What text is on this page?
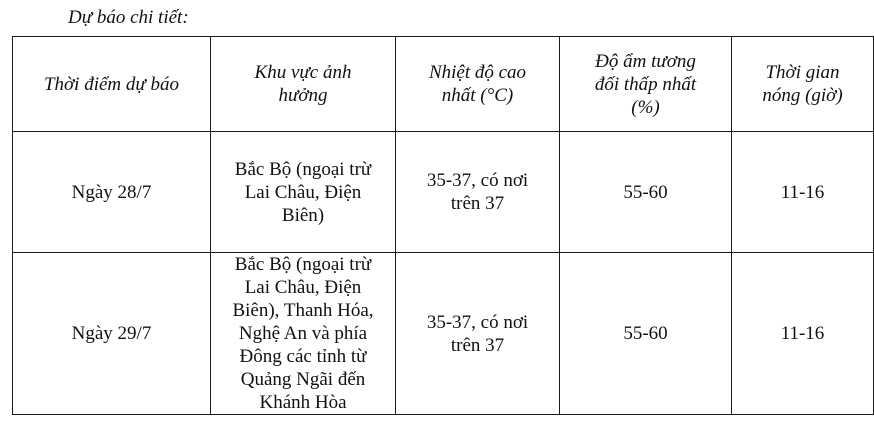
Dự báo chi tiết:
Thời điểm dự báo	Khu vực ảnh hưởng	Nhiệt độ cao nhất (°C)	Độ ẩm tương đối thấp nhất (%)	Thời gian nóng (giờ)
Ngày 28/7	Bắc Bộ (ngoại trừ Lai Châu, Điện Biên)	35-37, có nơi trên 37	55-60	11-16
Ngày 29/7	Bắc Bộ (ngoại trừ Lai Châu, Điện Biên), Thanh Hóa, Nghệ An và phía Đông các tỉnh từ Quảng Ngãi đến Khánh Hòa	35-37, có nơi trên 37	55-60	11-16
